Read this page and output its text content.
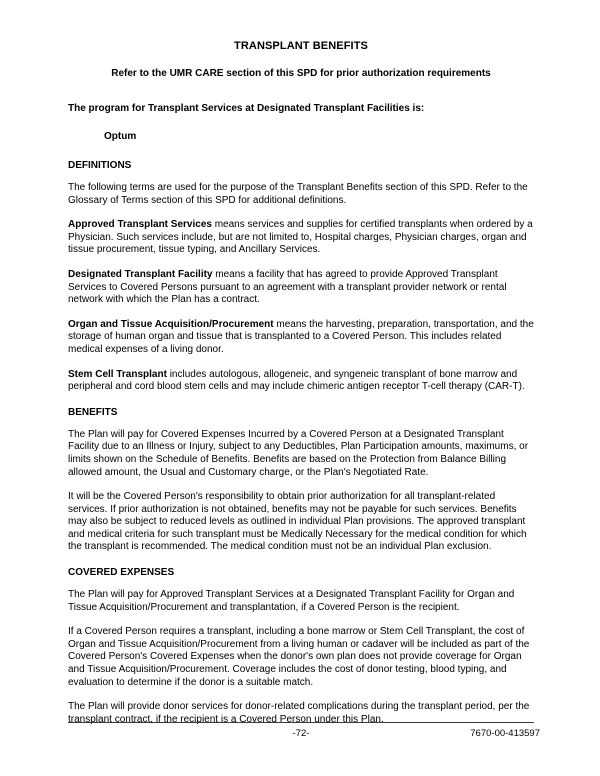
TRANSPLANT BENEFITS
Refer to the UMR CARE section of this SPD for prior authorization requirements

The program for Transplant Services at Designated Transplant Facilities is:

Optum

DEFINITIONS

The following terms are used for the purpose of the Transplant Benefits section of this SPD. Refer to the Glossary of Terms section of this SPD for additional definitions.

Approved Transplant Services means services and supplies for certified transplants when ordered by a Physician. Such services include, but are not limited to, Hospital charges, Physician charges, organ and tissue procurement, tissue typing, and Ancillary Services.

Designated Transplant Facility means a facility that has agreed to provide Approved Transplant Services to Covered Persons pursuant to an agreement with a transplant provider network or rental network with which the Plan has a contract.

Organ and Tissue Acquisition/Procurement means the harvesting, preparation, transportation, and the storage of human organ and tissue that is transplanted to a Covered Person. This includes related medical expenses of a living donor.

Stem Cell Transplant includes autologous, allogeneic, and syngeneic transplant of bone marrow and peripheral and cord blood stem cells and may include chimeric antigen receptor T-cell therapy (CAR-T).

BENEFITS

The Plan will pay for Covered Expenses Incurred by a Covered Person at a Designated Transplant Facility due to an Illness or Injury, subject to any Deductibles, Plan Participation amounts, maximums, or limits shown on the Schedule of Benefits. Benefits are based on the Protection from Balance Billing allowed amount, the Usual and Customary charge, or the Plan's Negotiated Rate.

It will be the Covered Person's responsibility to obtain prior authorization for all transplant-related services. If prior authorization is not obtained, benefits may not be payable for such services. Benefits may also be subject to reduced levels as outlined in individual Plan provisions. The approved transplant and medical criteria for such transplant must be Medically Necessary for the medical condition for which the transplant is recommended. The medical condition must not be an individual Plan exclusion.

COVERED EXPENSES

The Plan will pay for Approved Transplant Services at a Designated Transplant Facility for Organ and Tissue Acquisition/Procurement and transplantation, if a Covered Person is the recipient.

If a Covered Person requires a transplant, including a bone marrow or Stem Cell Transplant, the cost of Organ and Tissue Acquisition/Procurement from a living human or cadaver will be included as part of the Covered Person's Covered Expenses when the donor's own plan does not provide coverage for Organ and Tissue Acquisition/Procurement. Coverage includes the cost of donor testing, blood typing, and evaluation to determine if the donor is a suitable match.

The Plan will provide donor services for donor-related complications during the transplant period, per the transplant contract, if the recipient is a Covered Person under this Plan.

-72-	7670-00-413597
